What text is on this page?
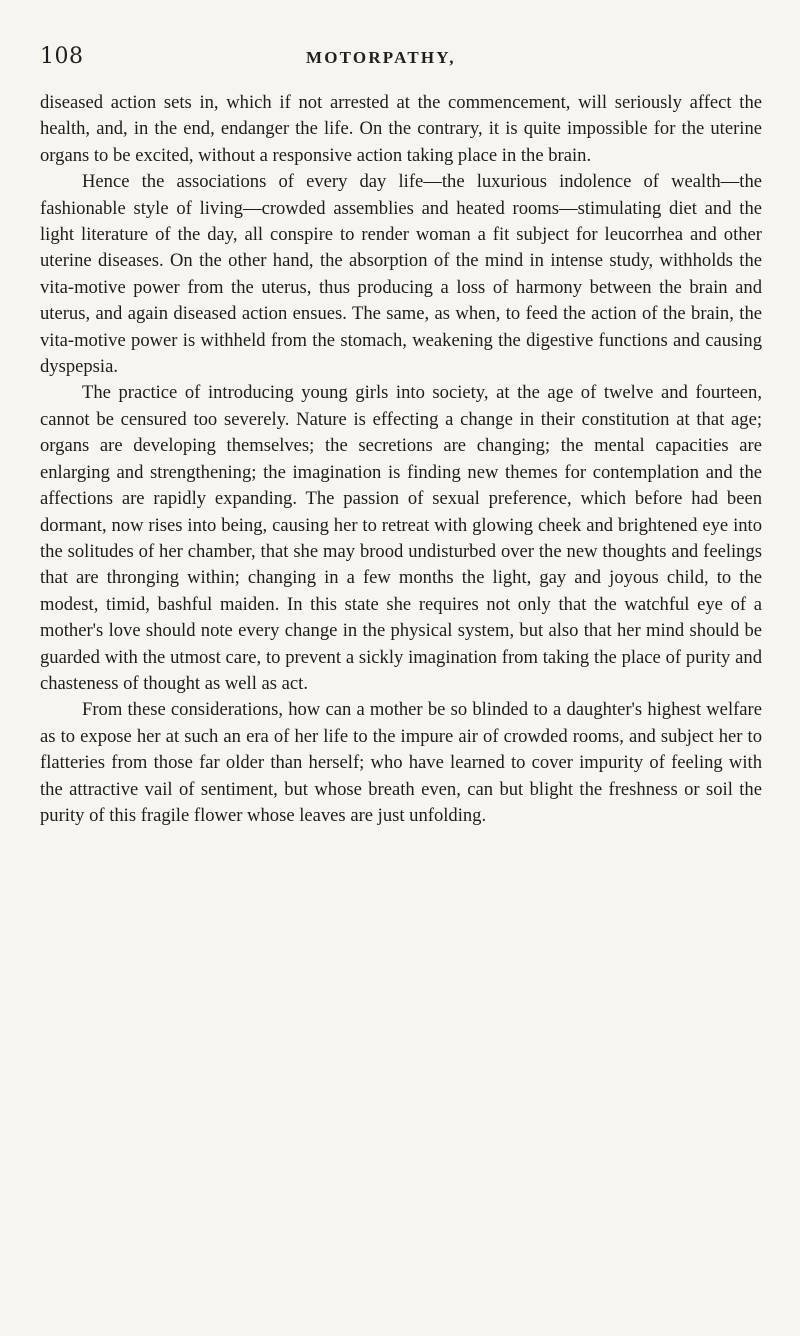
108	MOTORPATHY,

diseased action sets in, which if not arrested at the commencement, will seriously affect the health, and, in the end, endanger the life. On the contrary, it is quite impossible for the uterine organs to be excited, without a responsive action taking place in the brain.

Hence the associations of every day life—the luxurious indolence of wealth—the fashionable style of living—crowded assemblies and heated rooms—stimulating diet and the light literature of the day, all conspire to render woman a fit subject for leucorrhea and other uterine diseases. On the other hand, the absorption of the mind in intense study, withholds the vita-motive power from the uterus, thus producing a loss of harmony between the brain and uterus, and again diseased action ensues. The same, as when, to feed the action of the brain, the vita-motive power is withheld from the stomach, weakening the digestive functions and causing dyspepsia.

The practice of introducing young girls into society, at the age of twelve and fourteen, cannot be censured too severely. Nature is effecting a change in their constitution at that age; organs are developing themselves; the secretions are changing; the mental capacities are enlarging and strengthening; the imagination is finding new themes for contemplation and the affections are rapidly expanding. The passion of sexual preference, which before had been dormant, now rises into being, causing her to retreat with glowing cheek and brightened eye into the solitudes of her chamber, that she may brood undisturbed over the new thoughts and feelings that are thronging within; changing in a few months the light, gay and joyous child, to the modest, timid, bashful maiden. In this state she requires not only that the watchful eye of a mother's love should note every change in the physical system, but also that her mind should be guarded with the utmost care, to prevent a sickly imagination from taking the place of purity and chasteness of thought as well as act.

From these considerations, how can a mother be so blinded to a daughter's highest welfare as to expose her at such an era of her life to the impure air of crowded rooms, and subject her to flatteries from those far older than herself; who have learned to cover impurity of feeling with the attractive vail of sentiment, but whose breath even, can but blight the freshness or soil the purity of this fragile flower whose leaves are just unfolding.
